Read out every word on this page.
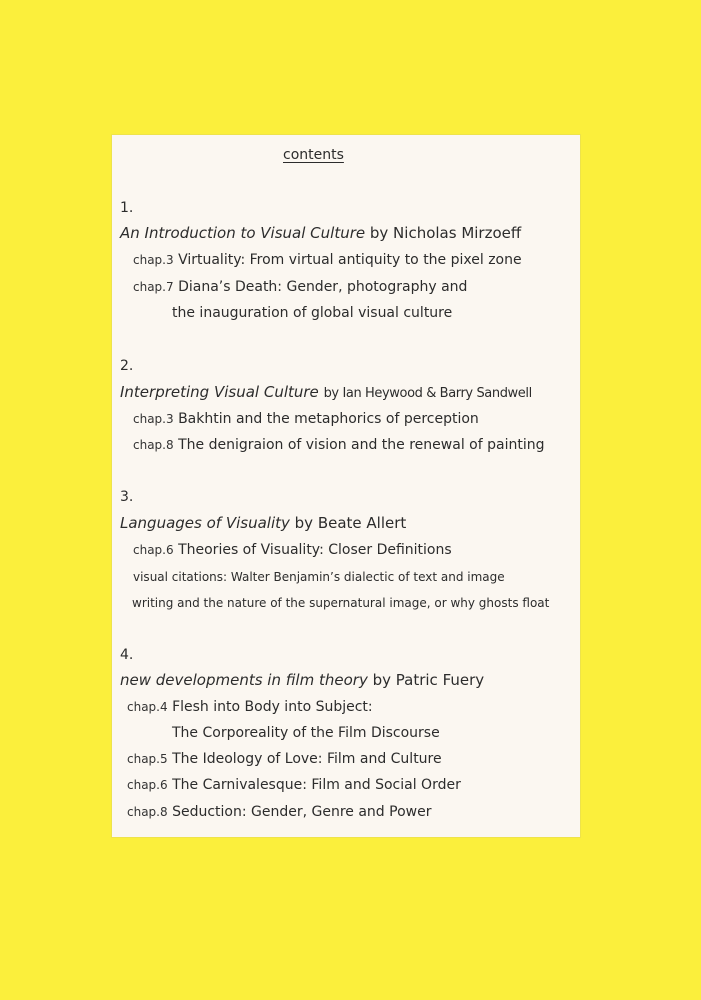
contents
1.
An Introduction to Visual Culture by Nicholas Mirzoeff
chap.3 Virtuality: From virtual antiquity to the pixel zone
chap.7 Diana’s Death: Gender, photography and
the inauguration of global visual culture
2.
Interpreting Visual Culture by Ian Heywood & Barry Sandwell
chap.3 Bakhtin and the metaphorics of perception
chap.8 The denigraion of vision and the renewal of painting
3.
Languages of Visuality by Beate Allert
chap.6 Theories of Visuality: Closer Definitions
visual citations: Walter Benjamin’s dialectic of text and image
writing and the nature of the supernatural image, or why ghosts float
4.
new developments in film theory by Patric Fuery
chap.4 Flesh into Body into Subject:
The Corporeality of the Film Discourse
chap.5 The Ideology of Love: Film and Culture
chap.6 The Carnivalesque: Film and Social Order
chap.8 Seduction: Gender, Genre and Power
